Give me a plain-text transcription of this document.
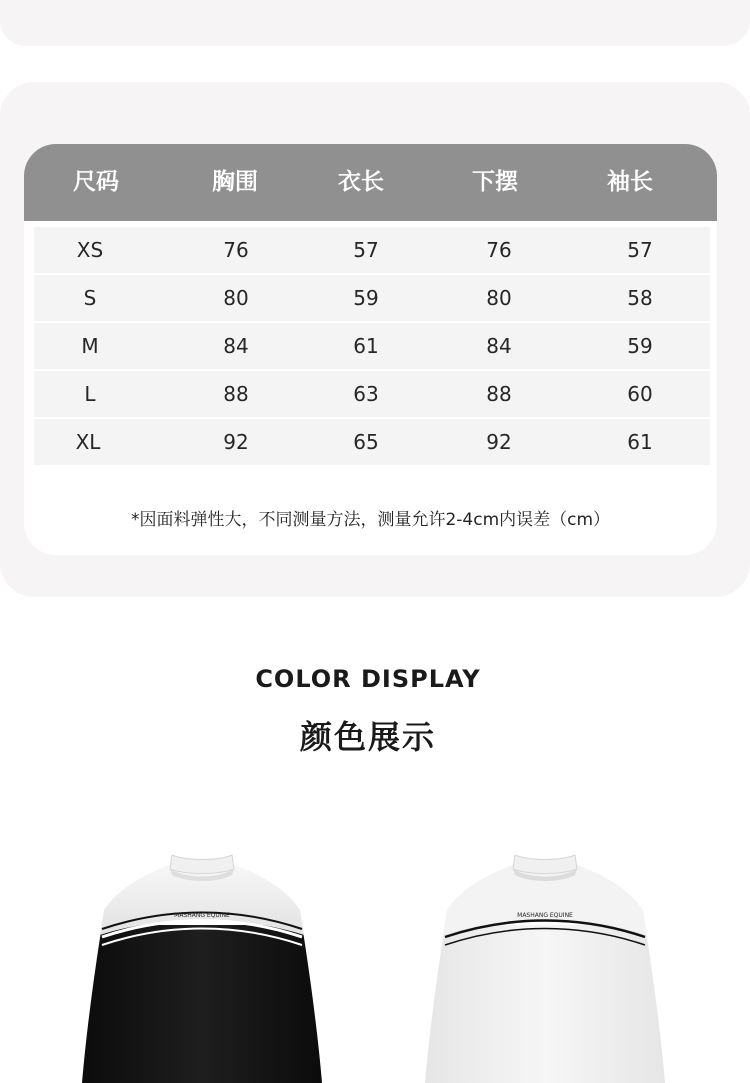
尺码	胸围	衣长	下摆	袖长
XS	76	57	76	57
S	80	59	80	58
M	84	61	84	59
L	88	63	88	60
XL	92	65	92	61
*因面料弹性大，不同测量方法，测量允许2-4cm内误差（cm）
COLOR DISPLAY
颜色展示
MASHANG EQUINE	MASHANG EQUINE
